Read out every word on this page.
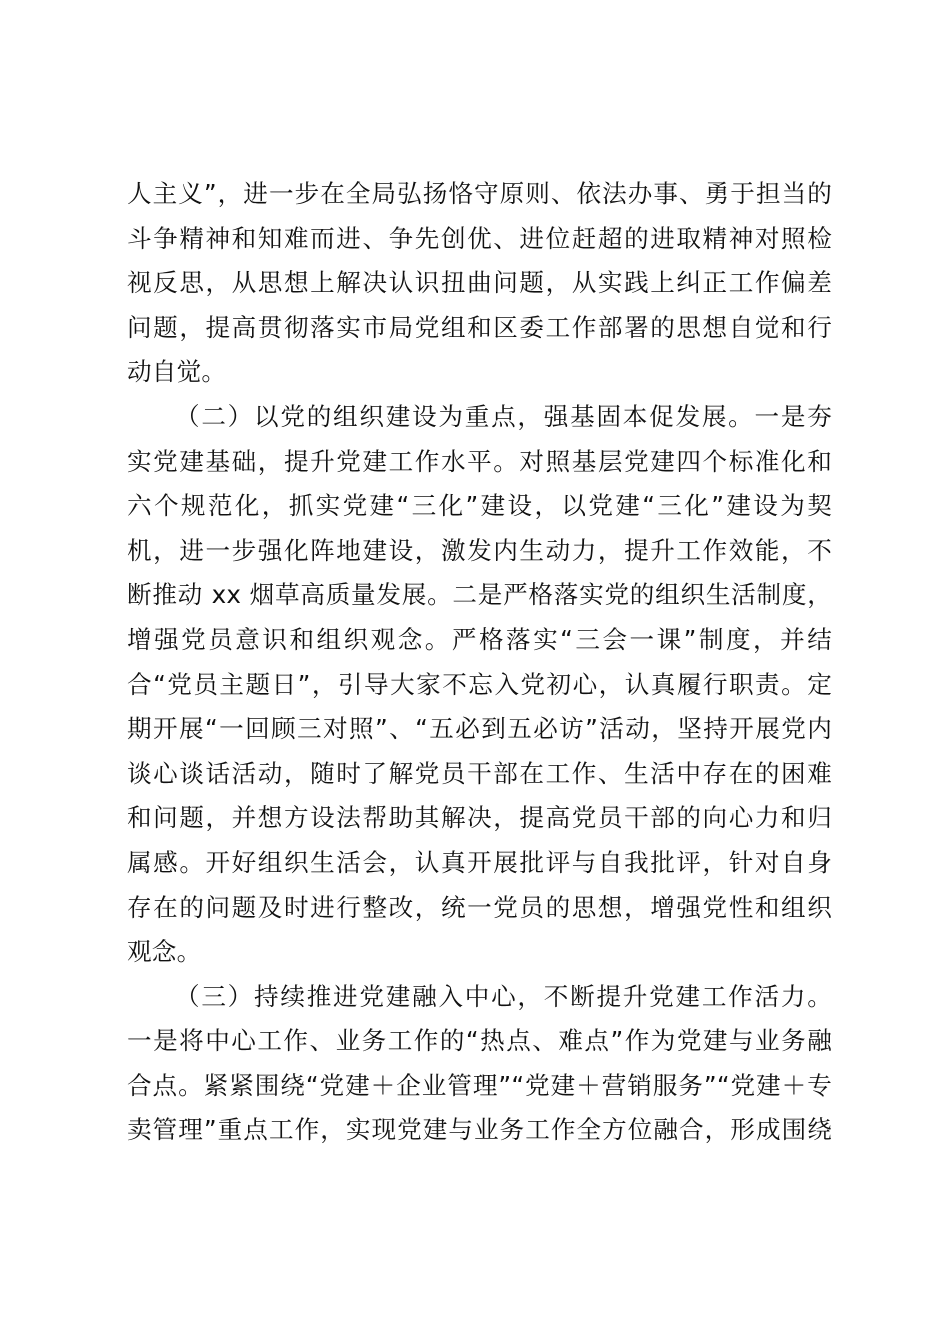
人主义”，进一步在全局弘扬恪守原则、依法办事、勇于担当的
斗争精神和知难而进、争先创优、进位赶超的进取精神对照检
视反思，从思想上解决认识扭曲问题，从实践上纠正工作偏差
问题，提高贯彻落实市局党组和区委工作部署的思想自觉和行
动自觉。
（二）以党的组织建设为重点，强基固本促发展。一是夯
实党建基础，提升党建工作水平。对照基层党建四个标准化和
六个规范化，抓实党建“三化”建设，以党建“三化”建设为契
机，进一步强化阵地建设，激发内生动力，提升工作效能，不
断推动 xx 烟草高质量发展。二是严格落实党的组织生活制度，
增强党员意识和组织观念。严格落实“三会一课”制度，并结
合“党员主题日”，引导大家不忘入党初心，认真履行职责。定
期开展“一回顾三对照”、“五必到五必访”活动，坚持开展党内
谈心谈话活动，随时了解党员干部在工作、生活中存在的困难
和问题，并想方设法帮助其解决，提高党员干部的向心力和归
属感。开好组织生活会，认真开展批评与自我批评，针对自身
存在的问题及时进行整改，统一党员的思想，增强党性和组织
观念。
（三）持续推进党建融入中心，不断提升党建工作活力。
一是将中心工作、业务工作的“热点、难点”作为党建与业务融
合点。紧紧围绕“党建＋企业管理”“党建＋营销服务”“党建＋专
卖管理”重点工作，实现党建与业务工作全方位融合，形成围绕
